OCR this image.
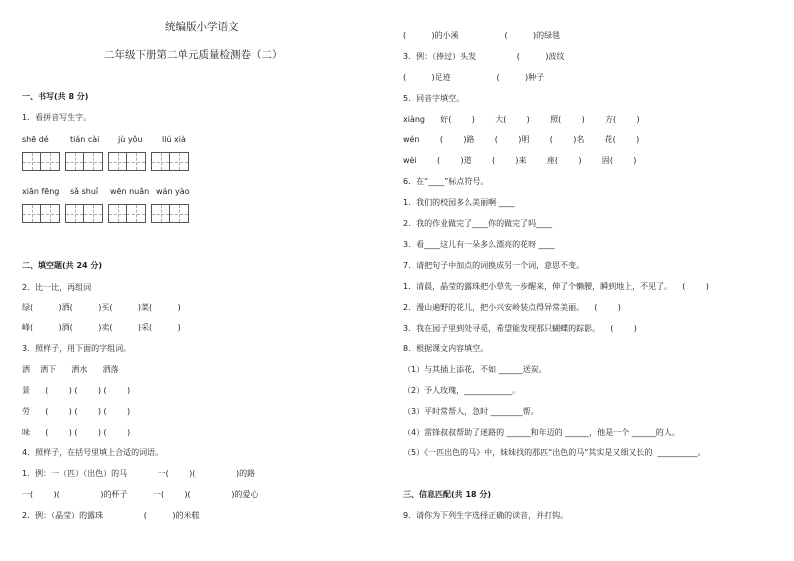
统编版小学语文
二年级下册第二单元质量检测卷（二）
一、书写(共 8 分)
1．看拼音写生字。
shē dé	tián cài jù yǒu liú xià
xiān fēng sǎ shuǐ wēn nuǎn wán yào
二、填空题(共 24 分)
2．比一比，再组词
绿(          )洒(          )买(          )菜(          )
峰(          )酒(          )卖(          )采(          )
3．照样子，用下面的字组词。
洒    洒下      洒水      洒落
景      (        ) (        ) (        )
劳      (        ) (        ) (        )
味      (        ) (        ) (        )
4．照样子，在括号里填上合适的词语。
1．例：一（匹）（出色）的马            一(        )(                )的路
一(        )(                )的杯子          一(        )(                )的爱心
2．例：（晶莹）的露珠                (          )的米糕
(          )的小溪                  (          )的绿毯
3．例：（捧过）头发                (          )波纹
(          )足迹                  (          )种子
5．同音字填空。
xiàng      好(        )        大(        )        照(        )        方(        )
wén        (        )路        (        )明        (        )名        花(        )
wèi        (        )道        (        )来        座(        )        固(        )
6．在“____”标点符号。
1．我们的校园多么美丽啊 ____
2．我的作业做完了____你的做完了吗____
3．看____这儿有一朵多么漂亮的花呀 ____
7．请把句子中加点的词换成另一个词，意思不变。
1．清晨，晶莹的露珠把小草先一步醒来，伸了个懒腰，瞬到地上，不见了。    (        )
2．漫山遍野的花儿，把小兴安岭装点得异常美丽。    (        )
3．我在园子里到处寻觅，希望能发现那只蝴蝶的踪影。    (        )
8．根据课文内容填空。
（1）与其插上添花，不如 ______送炭。
（2）予人玫瑰，____________。
（3）平时常帮人，急时 ________帮。
（4）雷锋叔叔帮助了迷路的 ______和年迈的 ______，他是一个 ______的人。
（5）《一匹出色的马》中，妹妹找的那匹“出色的马”其实是又细又长的  __________。
三、信息匹配(共 18 分)
9．请你为下列生字选择正确的读音，并打钩。
